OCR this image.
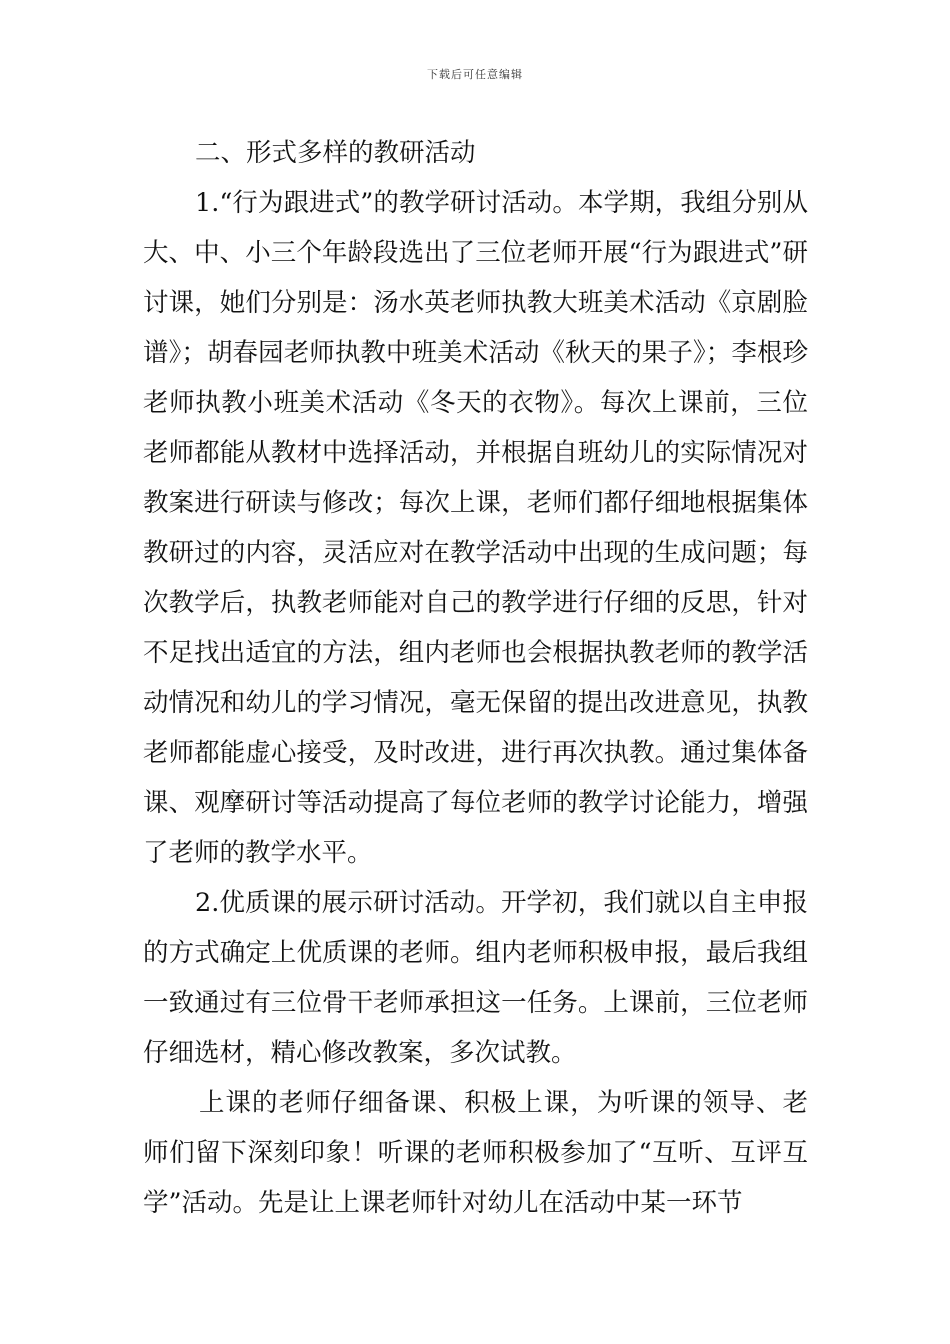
下载后可任意编辑

二、形式多样的教研活动

1.“行为跟进式”的教学研讨活动。本学期，我组分别从大、中、小三个年龄段选出了三位老师开展“行为跟进式”研讨课，她们分别是：汤水英老师执教大班美术活动《京剧脸谱》；胡春园老师执教中班美术活动《秋天的果子》；李根珍老师执教小班美术活动《冬天的衣物》。每次上课前，三位老师都能从教材中选择活动，并根据自班幼儿的实际情况对教案进行研读与修改；每次上课，老师们都仔细地根据集体教研过的内容，灵活应对在教学活动中出现的生成问题；每次教学后，执教老师能对自己的教学进行仔细的反思，针对不足找出适宜的方法，组内老师也会根据执教老师的教学活动情况和幼儿的学习情况，毫无保留的提出改进意见，执教老师都能虚心接受，及时改进，进行再次执教。通过集体备课、观摩研讨等活动提高了每位老师的教学讨论能力，增强了老师的教学水平。

2.优质课的展示研讨活动。开学初，我们就以自主申报的方式确定上优质课的老师。组内老师积极申报，最后我组一致通过有三位骨干老师承担这一任务。上课前，三位老师仔细选材，精心修改教案，多次试教。

上课的老师仔细备课、积极上课，为听课的领导、老师们留下深刻印象！听课的老师积极参加了“互听、互评互学”活动。先是让上课老师针对幼儿在活动中某一环节
